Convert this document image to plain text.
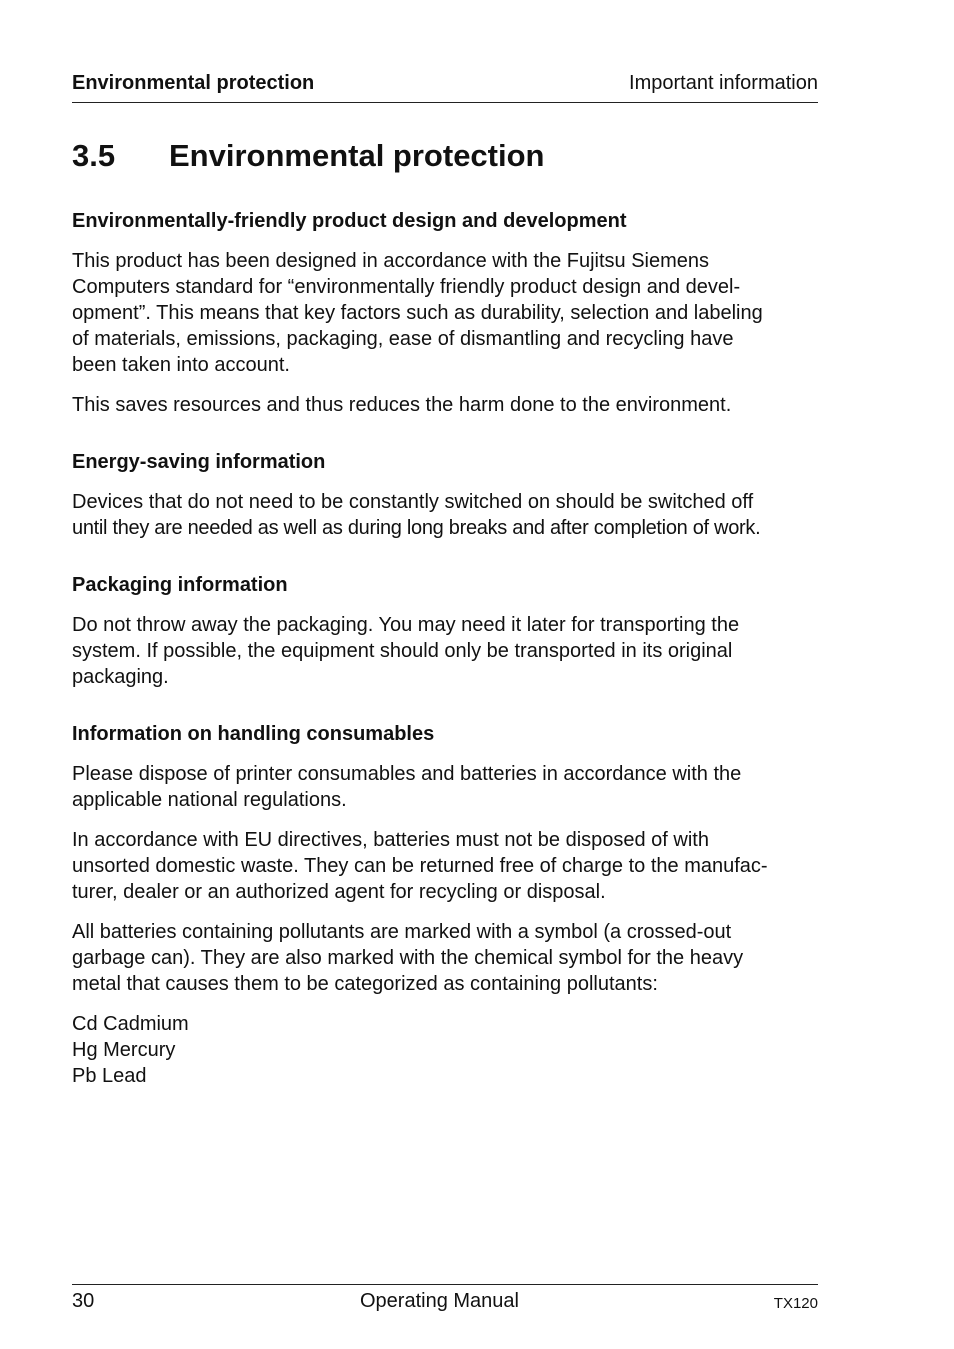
Environmental protection	Important information
3.5 Environmental protection
Environmentally-friendly product design and development

This product has been designed in accordance with the Fujitsu Siemens
Computers standard for “environmentally friendly product design and devel-
opment”. This means that key factors such as durability, selection and labeling
of materials, emissions, packaging, ease of dismantling and recycling have
been taken into account.

This saves resources and thus reduces the harm done to the environment.

Energy-saving information

Devices that do not need to be constantly switched on should be switched off
until they are needed as well as during long breaks and after completion of work.

Packaging information

Do not throw away the packaging. You may need it later for transporting the
system. If possible, the equipment should only be transported in its original
packaging.

Information on handling consumables

Please dispose of printer consumables and batteries in accordance with the
applicable national regulations.

In accordance with EU directives, batteries must not be disposed of with
unsorted domestic waste. They can be returned free of charge to the manufac-
turer, dealer or an authorized agent for recycling or disposal.

All batteries containing pollutants are marked with a symbol (a crossed-out
garbage can). They are also marked with the chemical symbol for the heavy
metal that causes them to be categorized as containing pollutants:

Cd Cadmium
Hg Mercury
Pb Lead

30	Operating Manual	TX120
